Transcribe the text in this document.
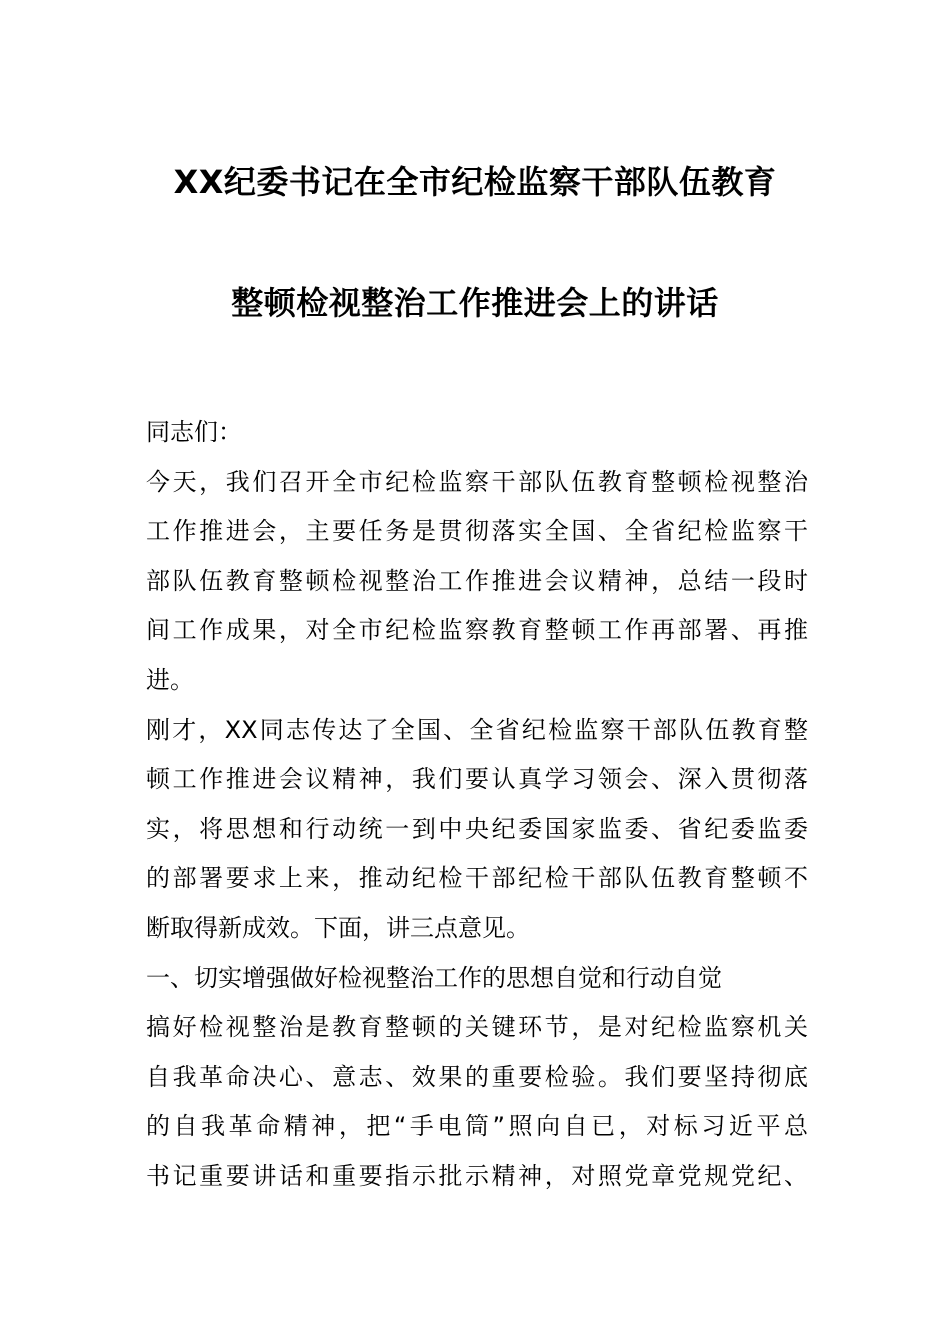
XX纪委书记在全市纪检监察干部队伍教育
整顿检视整治工作推进会上的讲话
同志们：
今天，我们召开全市纪检监察干部队伍教育整顿检视整治
工作推进会，主要任务是贯彻落实全国、全省纪检监察干
部队伍教育整顿检视整治工作推进会议精神，总结一段时
间工作成果，对全市纪检监察教育整顿工作再部署、再推
进。
刚才，XX同志传达了全国、全省纪检监察干部队伍教育整
顿工作推进会议精神，我们要认真学习领会、深入贯彻落
实，将思想和行动统一到中央纪委国家监委、省纪委监委
的部署要求上来，推动纪检干部纪检干部队伍教育整顿不
断取得新成效。下面，讲三点意见。
一、切实增强做好检视整治工作的思想自觉和行动自觉
搞好检视整治是教育整顿的关键环节，是对纪检监察机关
自我革命决心、意志、效果的重要检验。我们要坚持彻底
的自我革命精神，把“手电筒”照向自已，对标习近平总
书记重要讲话和重要指示批示精神，对照党章党规党纪、
